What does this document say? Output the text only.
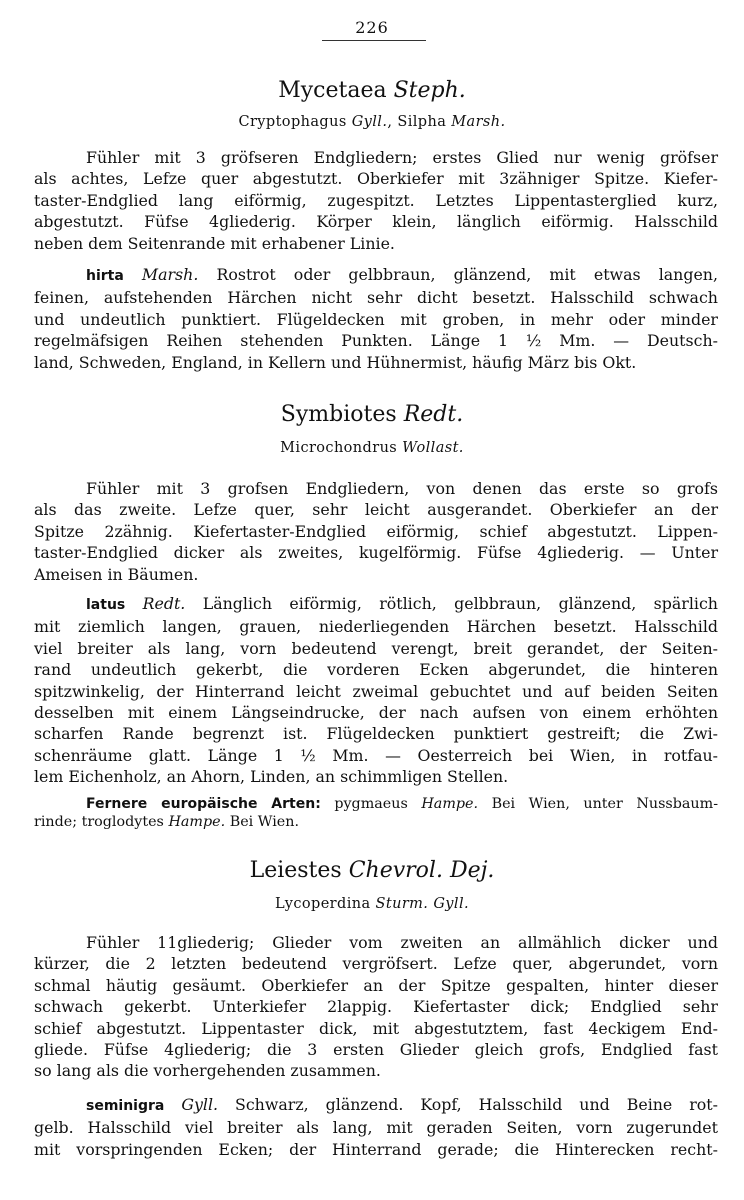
226
Mycetaea Steph.
Cryptophagus Gyll., Silpha Marsh.
Fühler mit 3 gröfseren Endgliedern; erstes Glied nur wenig gröfser
als achtes, Lefze quer abgestutzt. Oberkiefer mit 3zähniger Spitze. Kiefer-
taster-Endglied lang eiförmig, zugespitzt. Letztes Lippentasterglied kurz,
abgestutzt. Füfse 4gliederig. Körper klein, länglich eiförmig. Halsschild
neben dem Seitenrande mit erhabener Linie.
hirta Marsh. Rostrot oder gelbbraun, glänzend, mit etwas langen,
feinen, aufstehenden Härchen nicht sehr dicht besetzt. Halsschild schwach
und undeutlich punktiert. Flügeldecken mit groben, in mehr oder minder
regelmäfsigen Reihen stehenden Punkten. Länge 1 ½ Mm. — Deutsch-
land, Schweden, England, in Kellern und Hühnermist, häufig März bis Okt.
Symbiotes Redt.
Microchondrus Wollast.
Fühler mit 3 grofsen Endgliedern, von denen das erste so grofs
als das zweite. Lefze quer, sehr leicht ausgerandet. Oberkiefer an der
Spitze 2zähnig. Kiefertaster-Endglied eiförmig, schief abgestutzt. Lippen-
taster-Endglied dicker als zweites, kugelförmig. Füfse 4gliederig. — Unter
Ameisen in Bäumen.
latus Redt. Länglich eiförmig, rötlich, gelbbraun, glänzend, spärlich
mit ziemlich langen, grauen, niederliegenden Härchen besetzt. Halsschild
viel breiter als lang, vorn bedeutend verengt, breit gerandet, der Seiten-
rand undeutlich gekerbt, die vorderen Ecken abgerundet, die hinteren
spitzwinkelig, der Hinterrand leicht zweimal gebuchtet und auf beiden Seiten
desselben mit einem Längseindrucke, der nach aufsen von einem erhöhten
scharfen Rande begrenzt ist. Flügeldecken punktiert gestreift; die Zwi-
schenräume glatt. Länge 1 ½ Mm. — Oesterreich bei Wien, in rotfau-
lem Eichenholz, an Ahorn, Linden, an schimmligen Stellen.
Fernere europäische Arten: pygmaeus Hampe. Bei Wien, unter Nussbaum-
rinde; troglodytes Hampe. Bei Wien.
Leiestes Chevrol. Dej.
Lycoperdina Sturm. Gyll.
Fühler 11gliederig; Glieder vom zweiten an allmählich dicker und
kürzer, die 2 letzten bedeutend vergröfsert. Lefze quer, abgerundet, vorn
schmal häutig gesäumt. Oberkiefer an der Spitze gespalten, hinter dieser
schwach gekerbt. Unterkiefer 2lappig. Kiefertaster dick; Endglied sehr
schief abgestutzt. Lippentaster dick, mit abgestutztem, fast 4eckigem End-
gliede. Füfse 4gliederig; die 3 ersten Glieder gleich grofs, Endglied fast
so lang als die vorhergehenden zusammen.
seminigra Gyll. Schwarz, glänzend. Kopf, Halsschild und Beine rot-
gelb. Halsschild viel breiter als lang, mit geraden Seiten, vorn zugerundet
mit vorspringenden Ecken; der Hinterrand gerade; die Hinterecken recht-
